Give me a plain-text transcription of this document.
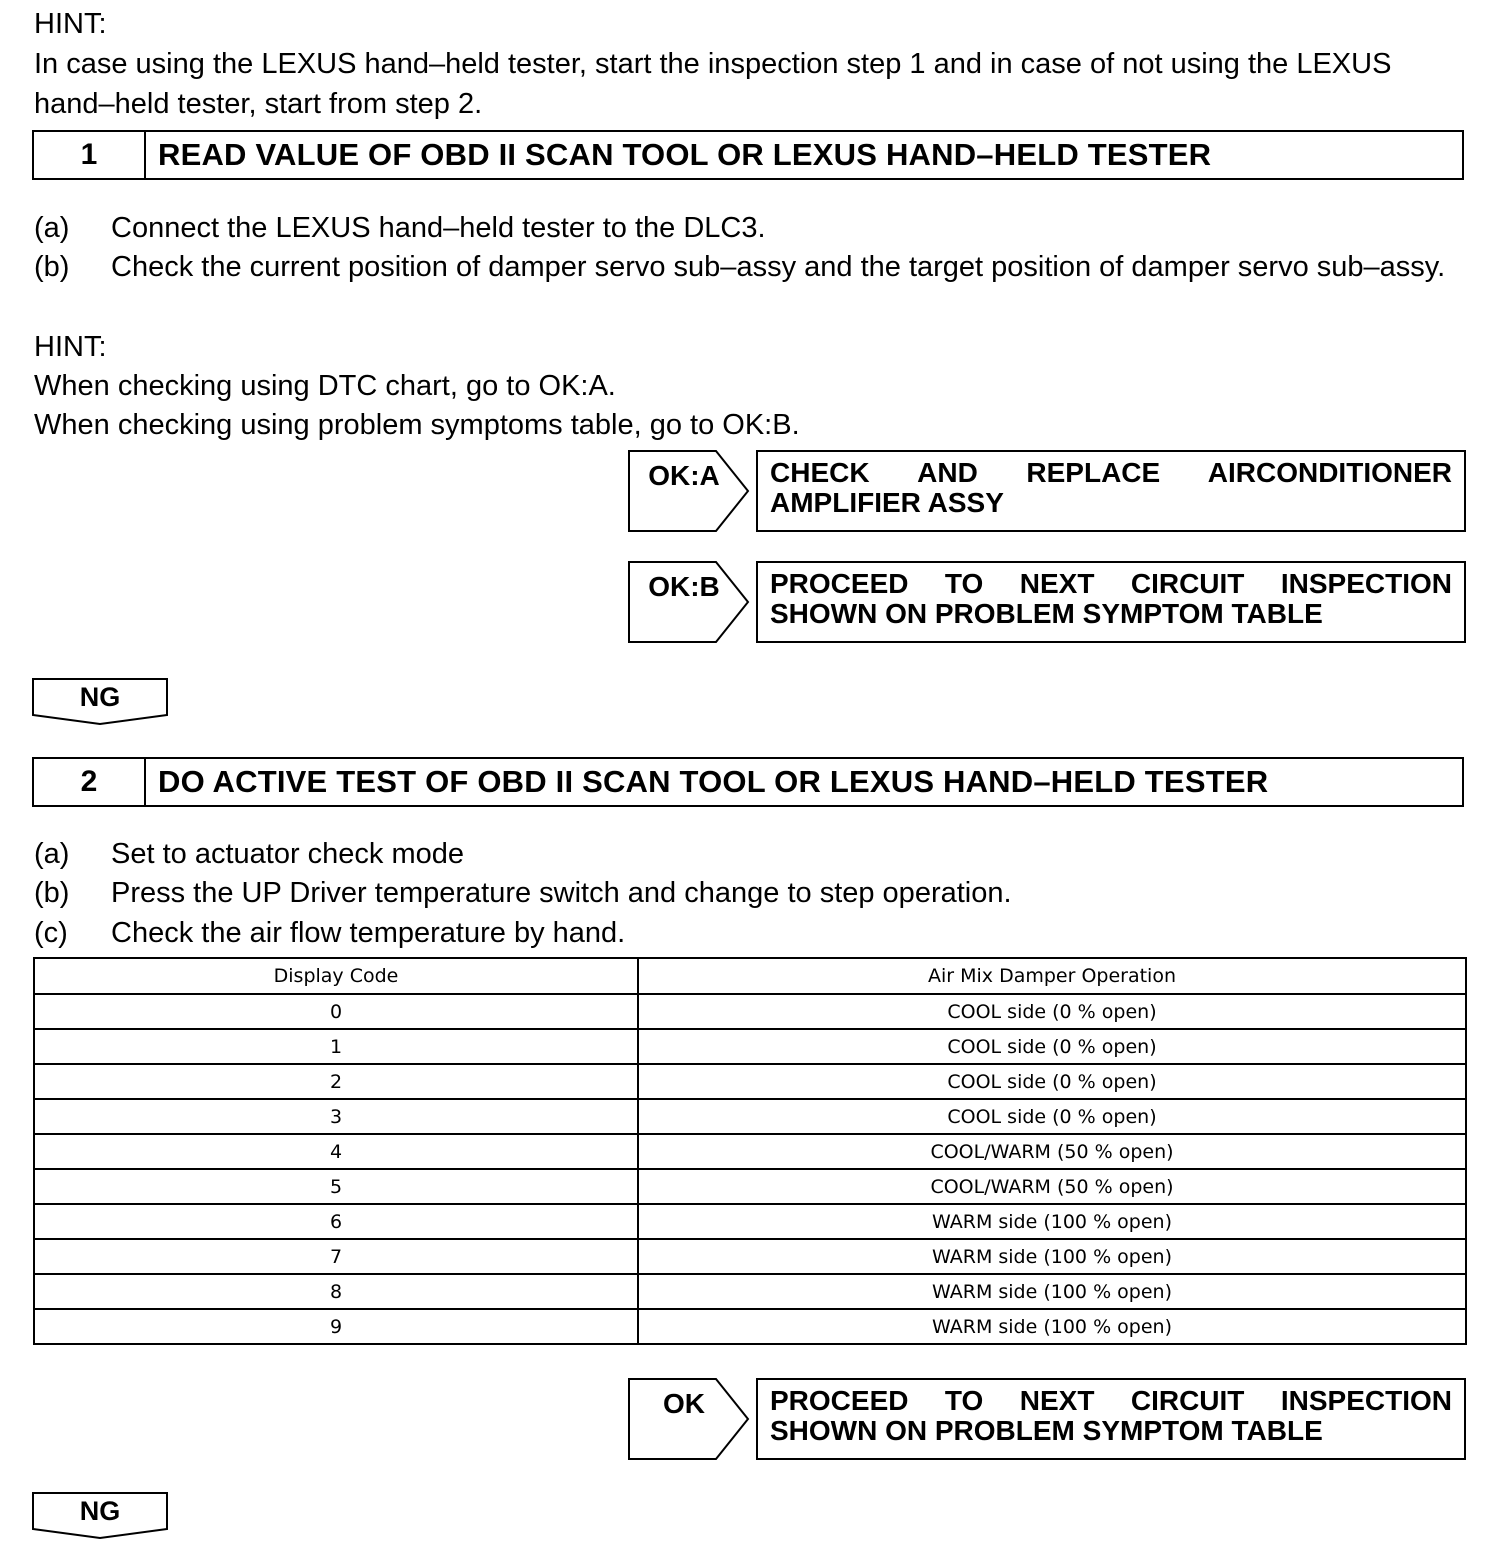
HINT:
In case using the LEXUS hand–held tester, start the inspection step 1 and in case of not using the LEXUS hand–held tester, start from step 2.
1	READ VALUE OF OBD II SCAN TOOL OR LEXUS HAND–HELD TESTER
(a) Connect the LEXUS hand–held tester to the DLC3.
(b) Check the current position of damper servo sub–assy and the target position of damper servo sub–assy.
HINT:
When checking using DTC chart, go to OK:A.
When checking using problem symptoms table, go to OK:B.
OK:A	CHECK AND REPLACE AIRCONDITIONER AMPLIFIER ASSY
OK:B	PROCEED TO NEXT CIRCUIT INSPECTION SHOWN ON PROBLEM SYMPTOM TABLE
NG
2	DO ACTIVE TEST OF OBD II SCAN TOOL OR LEXUS HAND–HELD TESTER
(a) Set to actuator check mode
(b) Press the UP Driver temperature switch and change to step operation.
(c) Check the air flow temperature by hand.
Display Code	Air Mix Damper Operation
0	COOL side (0 % open)
1	COOL side (0 % open)
2	COOL side (0 % open)
3	COOL side (0 % open)
4	COOL/WARM (50 % open)
5	COOL/WARM (50 % open)
6	WARM side (100 % open)
7	WARM side (100 % open)
8	WARM side (100 % open)
9	WARM side (100 % open)
OK	PROCEED TO NEXT CIRCUIT INSPECTION SHOWN ON PROBLEM SYMPTOM TABLE
NG
